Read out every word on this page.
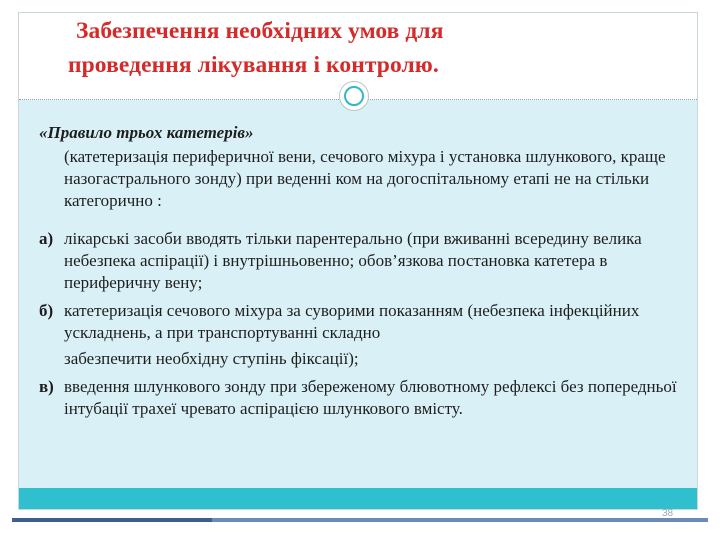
Забезпечення необхідних умов для
проведення лікування і контролю.

«Правило трьох катетерів»

(катетеризація периферичної вени, сечового міхура і установка шлункового, краще назогастрального зонду) при веденні ком на догоспітальному етапі не на стільки категорично :

а) лікарські засоби вводять тільки парентерально (при вживанні всередину велика небезпека аспірації) і внутрішньовенно; обов’язкова постановка катетера в периферичну вену;

б) катетеризація сечового міхура за суворими показанням (небезпека інфекційних ускладнень, а при транспортуванні складно

забезпечити необхідну ступінь фіксації);

в) введення шлункового зонду при збереженому блювотному рефлексі без попередньої інтубації трахеї чревато аспірацією шлункового вмісту.

38
